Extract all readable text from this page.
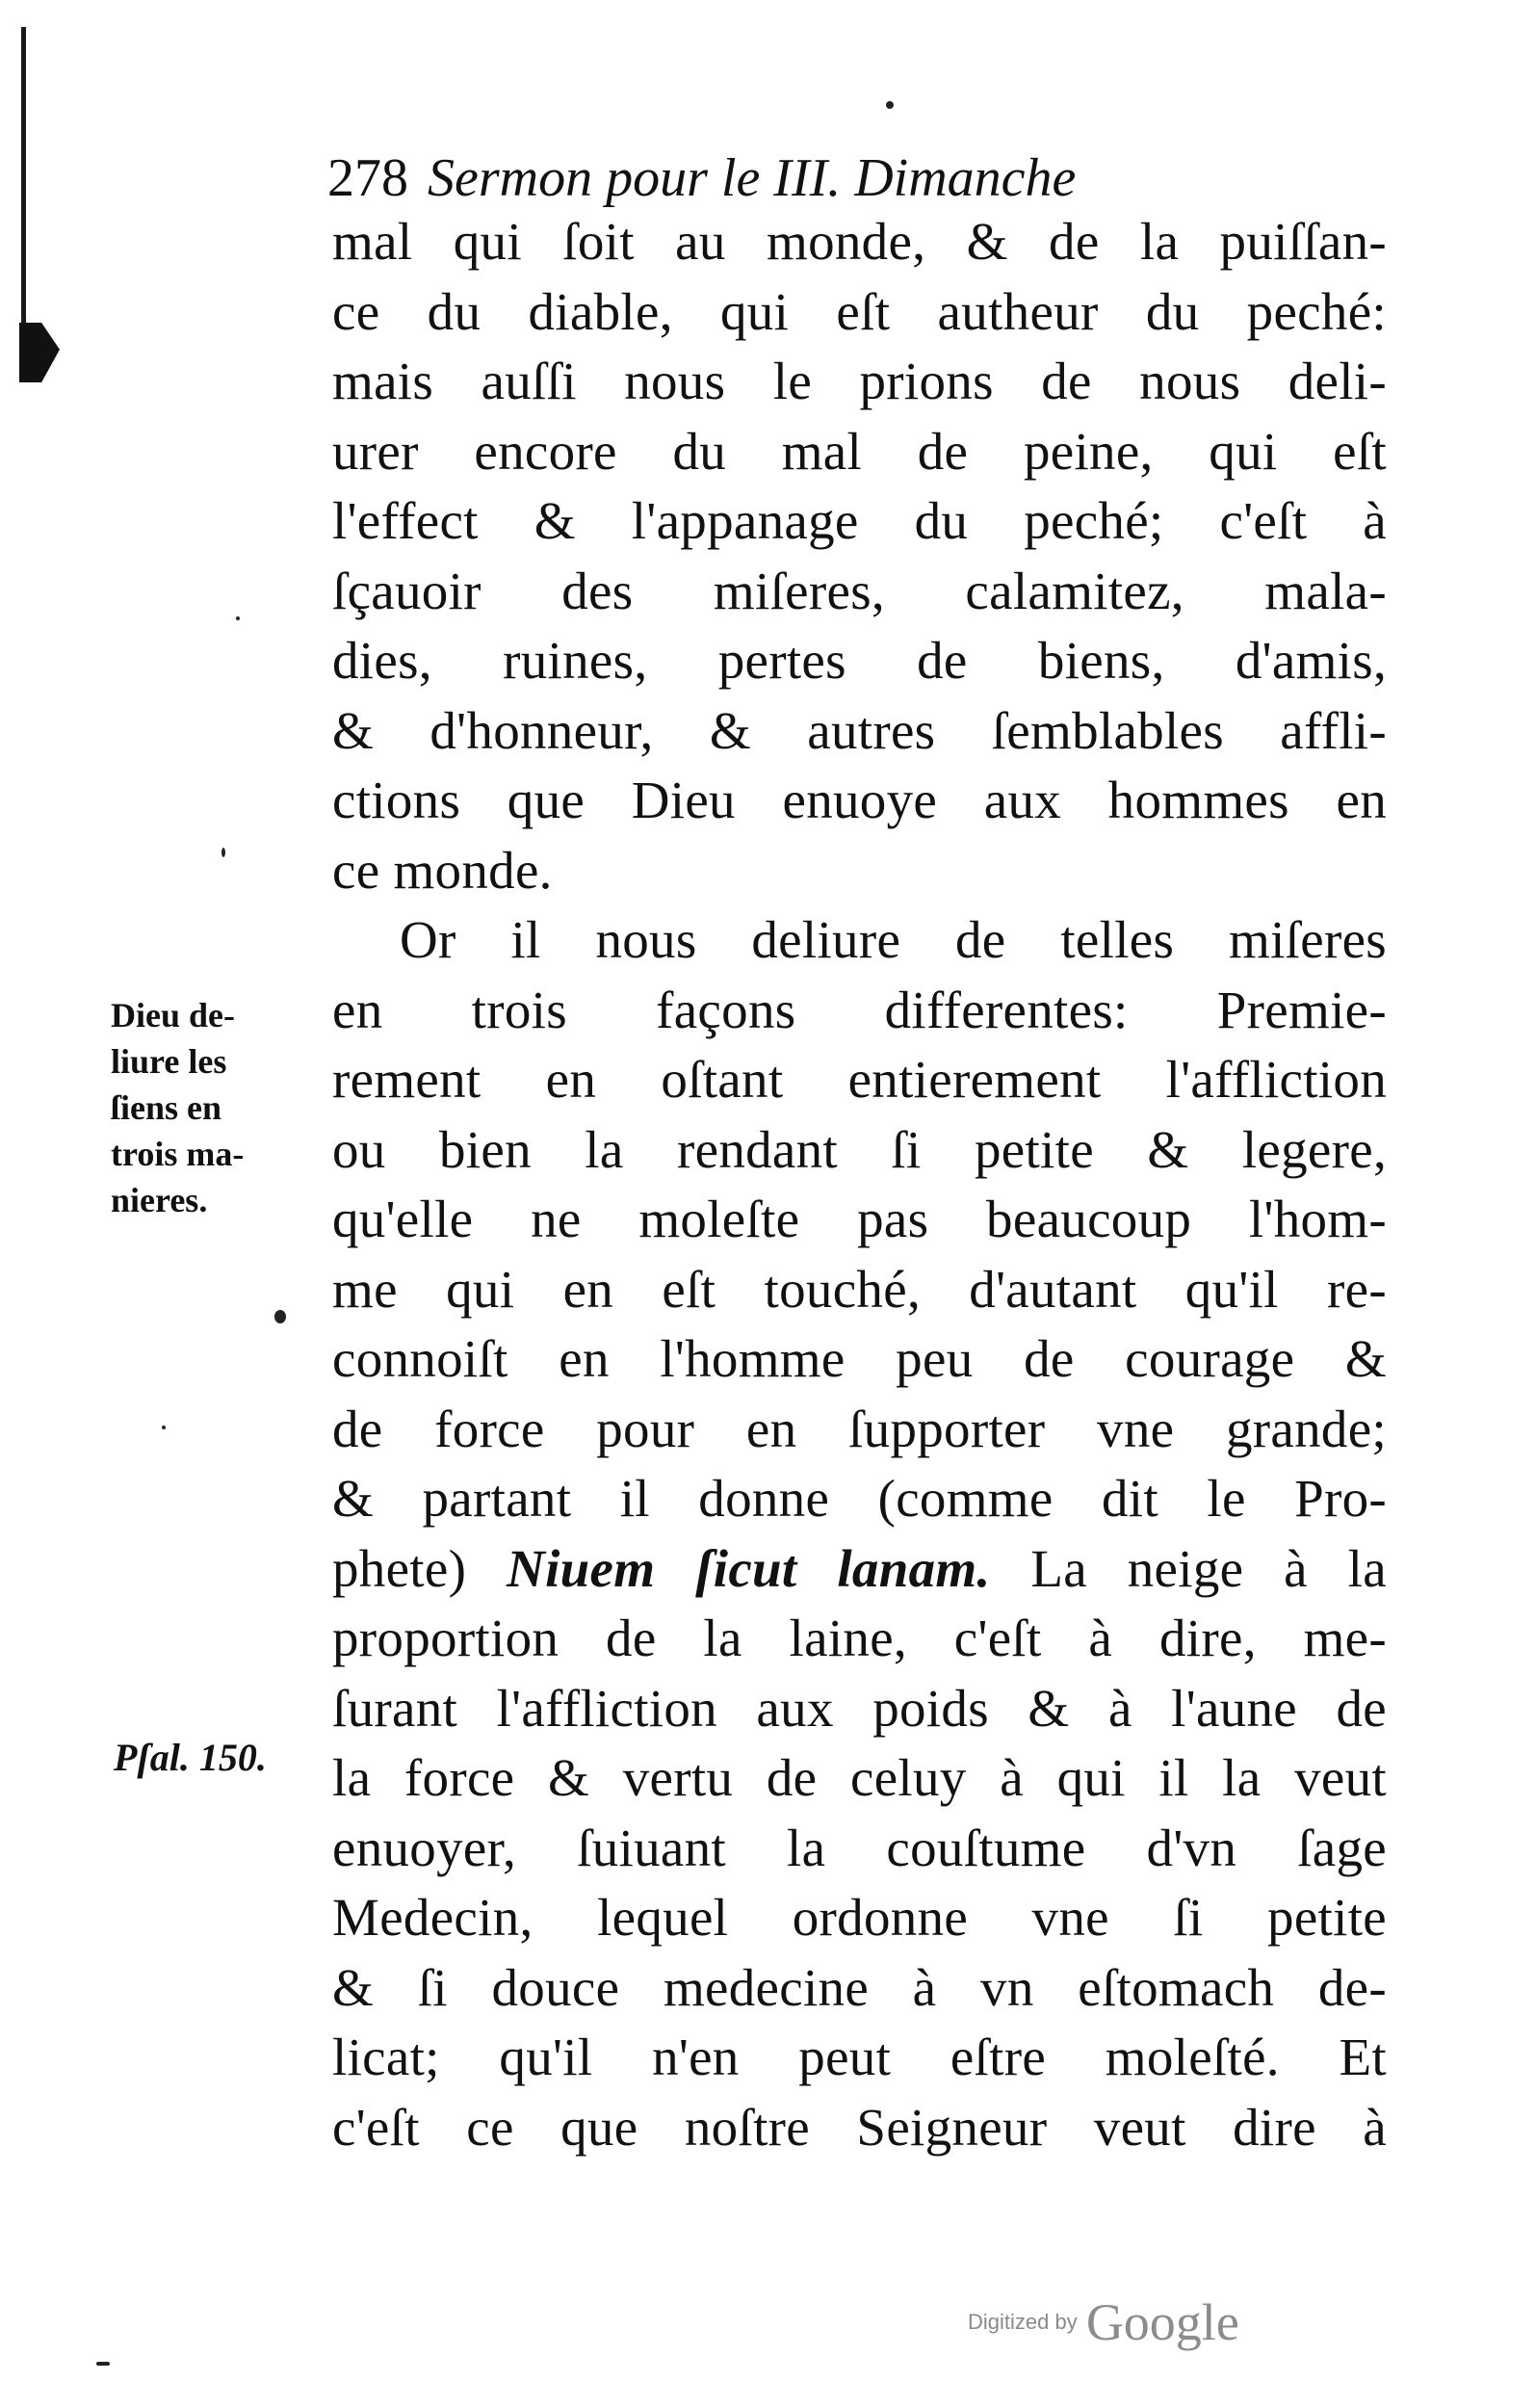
278 Sermon pour le III. Dimanche
mal qui ſoit au monde, & de la puiſſan-
ce du diable, qui eſt autheur du peché:
mais auſſi nous le prions de nous deli-
urer encore du mal de peine, qui eſt
l'effect & l'appanage du peché; c'eſt à
ſçauoir des miſeres, calamitez, mala-
dies, ruines, pertes de biens, d'amis,
& d'honneur, & autres ſemblables affli-
ctions que Dieu enuoye aux hommes en
ce monde.
Or il nous deliure de telles miſeres
en trois façons differentes: Premie-
rement en oſtant entierement l'affliction
ou bien la rendant ſi petite & legere,
qu'elle ne moleſte pas beaucoup l'hom-
me qui en eſt touché, d'autant qu'il re-
connoiſt en l'homme peu de courage &
de force pour en ſupporter vne grande;
& partant il donne (comme dit le Pro-
phete) Niuem ſicut lanam. La neige à la
proportion de la laine, c'eſt à dire, me-
ſurant l'affliction aux poids & à l'aune de
la force & vertu de celuy à qui il la veut
enuoyer, ſuiuant la couſtume d'vn ſage
Medecin, lequel ordonne vne ſi petite
& ſi douce medecine à vn eſtomach de-
licat; qu'il n'en peut eſtre moleſté. Et
c'eſt ce que noſtre Seigneur veut dire à
Dieu de-
liure les
ſiens en
trois ma-
nieres.
Pſal. 150.
Digitized by Google
